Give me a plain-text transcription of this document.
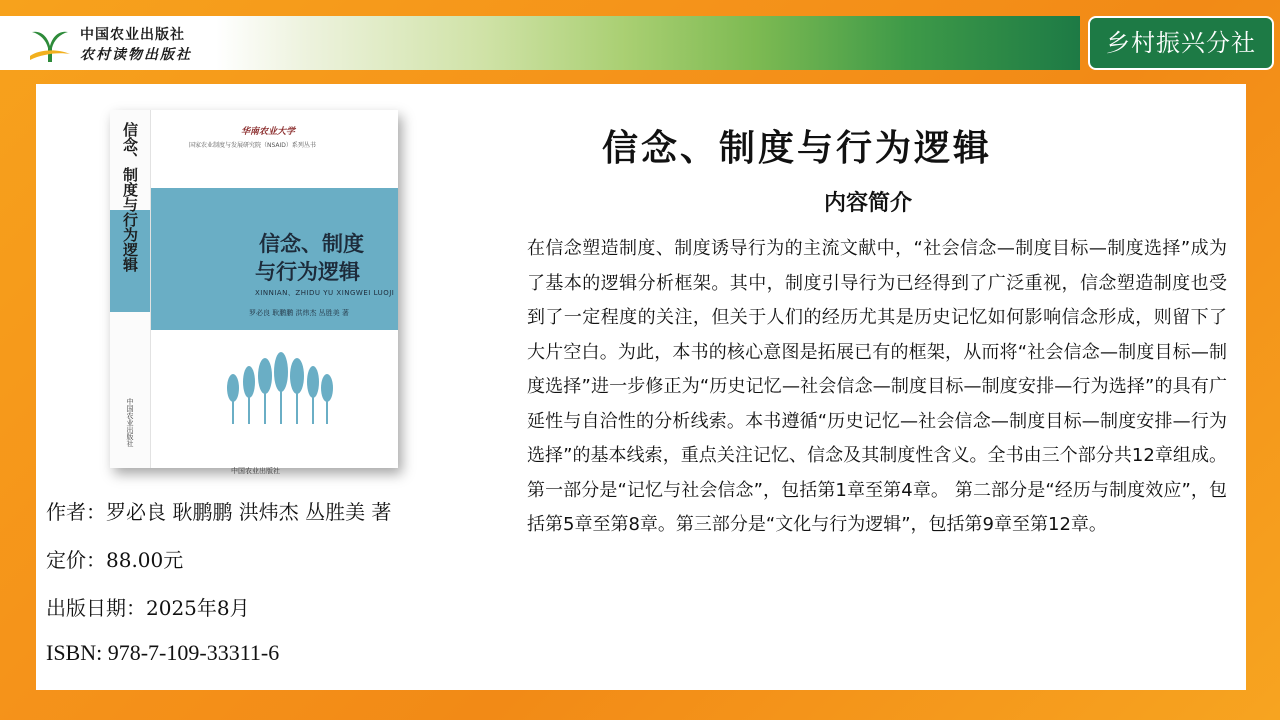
中国农业出版社
农村读物出版社	乡村振兴分社
信念、制度与行为逻辑
中国农业出版社
华南农业大学
国家农业制度与发展研究院（NSAID）系列丛书
信念、制度
与行为逻辑
XINNIAN、ZHIDU YU XINGWEI LUOJI
罗必良 耿鹏鹏 洪炜杰 丛胜美 著
中国农业出版社
作者：罗必良 耿鹏鹏 洪炜杰 丛胜美 著
定价：88.00元
出版日期：2025年8月
ISBN: 978-7-109-33311-6
信念、制度与行为逻辑
内容简介

在信念塑造制度、制度诱导行为的主流文献中，“社会信念—制度目标—制度选择”成为了基本的逻辑分析框架。其中，制度引导行为已经得到了广泛重视，信念塑造制度也受到了一定程度的关注，但关于人们的经历尤其是历史记忆如何影响信念形成，则留下了大片空白。为此，本书的核心意图是拓展已有的框架，从而将“社会信念—制度目标—制度选择”进一步修正为“历史记忆—社会信念—制度目标—制度安排—行为选择”的具有广延性与自洽性的分析线索。本书遵循“历史记忆—社会信念—制度目标—制度安排—行为选择”的基本线索，重点关注记忆、信念及其制度性含义。全书由三个部分共12章组成。 第一部分是“记忆与社会信念”，包括第1章至第4章。 第二部分是“经历与制度效应”，包括第5章至第8章。第三部分是“文化与行为逻辑”，包括第9章至第12章。
